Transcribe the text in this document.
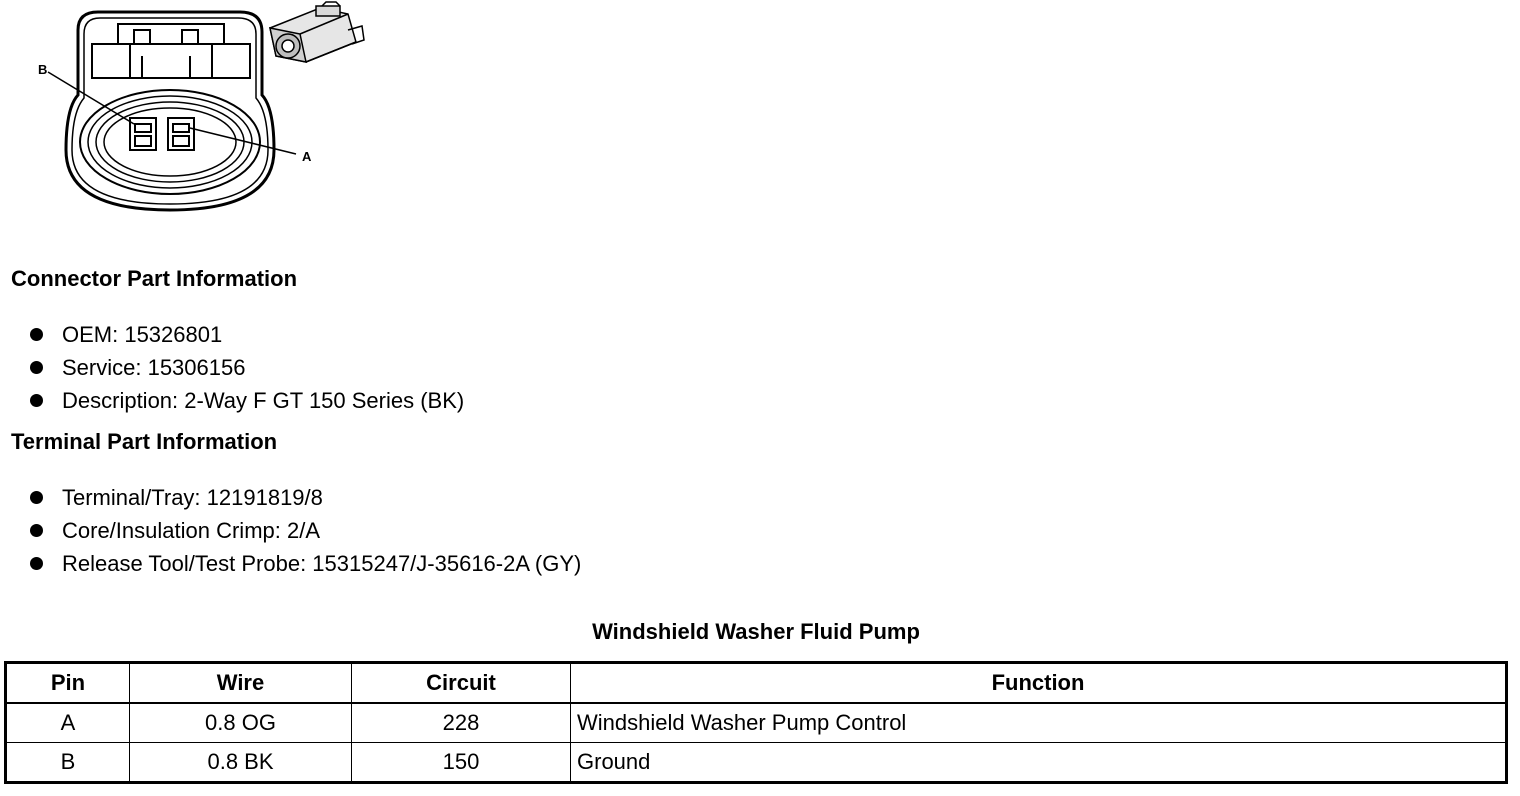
B
A
Connector Part Information
OEM: 15326801
Service: 15306156
Description: 2-Way F GT 150 Series (BK)
Terminal Part Information
Terminal/Tray: 12191819/8
Core/Insulation Crimp: 2/A
Release Tool/Test Probe: 15315247/J-35616-2A (GY)
Windshield Washer Fluid Pump
Pin	Wire	Circuit	Function
A	0.8 OG	228	Windshield Washer Pump Control
B	0.8 BK	150	Ground
